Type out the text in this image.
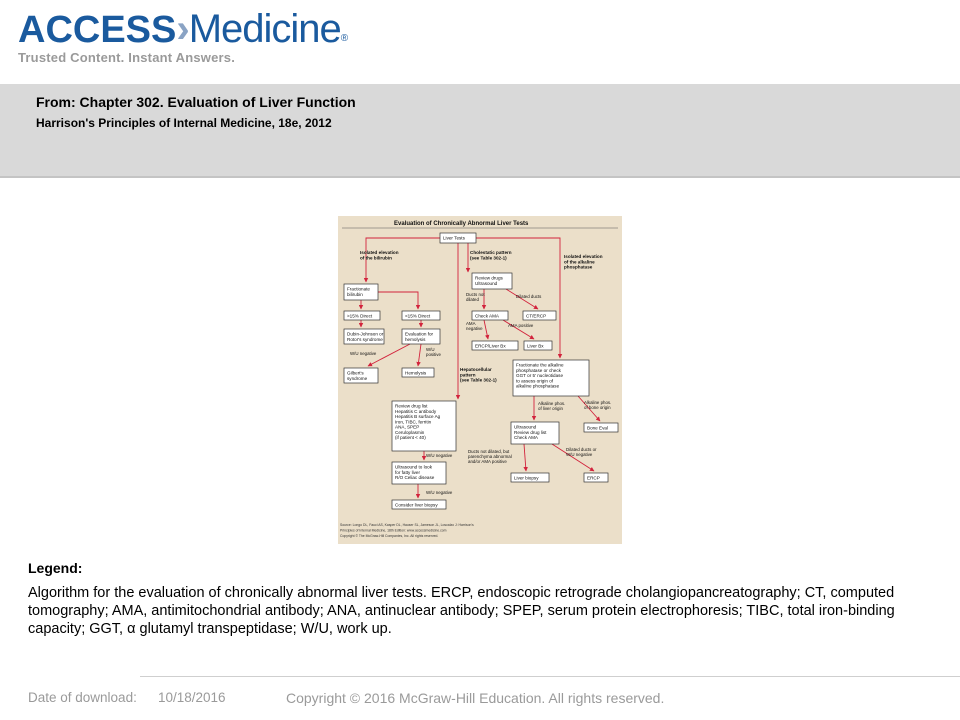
ACCESS›Medicine®
Trusted Content. Instant Answers.
From: Chapter 302. Evaluation of Liver Function
Harrison's Principles of Internal Medicine, 18e, 2012
Evaluation of Chronically Abnormal Liver Tests
Liver Tests
Fractionate bilirubin
>15% Direct	<15% Direct
Dubin-Johnson or Rotor's syndrome
Evaluation for hemolysis
Gilbert's syndrome
Hemolysis
Review drugs Ultrasound
Check AMA	CT/ERCP
ERCP/Liver Bx	Liver Bx
Fractionate the alkaline phosphatase or check GGT or 5' nucleotidase to assess origin of alkaline phosphatase
Review drug list Hepatitis C antibody Hepatitis B surface Ag Iron, TIBC, ferritin ANA, SPEP Ceruloplasmin (if patient < 40)
Ultrasound Review drug list Check AMA
Bone Eval
Ultrasound to look for fatty liver R/O Celiac disease	Liver biopsy	ERCP
Consider liver biopsy
Isolated elevation of the bilirubin
Cholestatic pattern (see Table 302-1)	Isolated elevation of the alkaline phosphatase
Ducts not dilated
Dilated ducts
AMA negative
AMA positive
W/U negative
W/U positive
Hepatocellular pattern (see Table 302-1)
Alkaline phos. of liver origin
Alkaline phos. of bone origin
W/U negative
Ducts not dilated, but parenchyma abnormal and/or AMA positive
Dilated ducts or W/U negative
W/U negative
Source: Longo DL, Fauci AS, Kasper DL, Hauser SL, Jameson JL, Loscalzo J: Harrison's
Principles of Internal Medicine, 18th Edition: www.accessmedicine.com
Copyright © The McGraw-Hill Companies, Inc. All rights reserved.
Legend:
Algorithm for the evaluation of chronically abnormal liver tests. ERCP, endoscopic retrograde cholangiopancreatography; CT, computed tomography; AMA, antimitochondrial antibody; ANA, antinuclear antibody; SPEP, serum protein electrophoresis; TIBC, total iron-binding capacity; GGT, α glutamyl transpeptidase; W/U, work up.
Date of download: 10/18/2016	Copyright © 2016 McGraw-Hill Education. All rights reserved.
